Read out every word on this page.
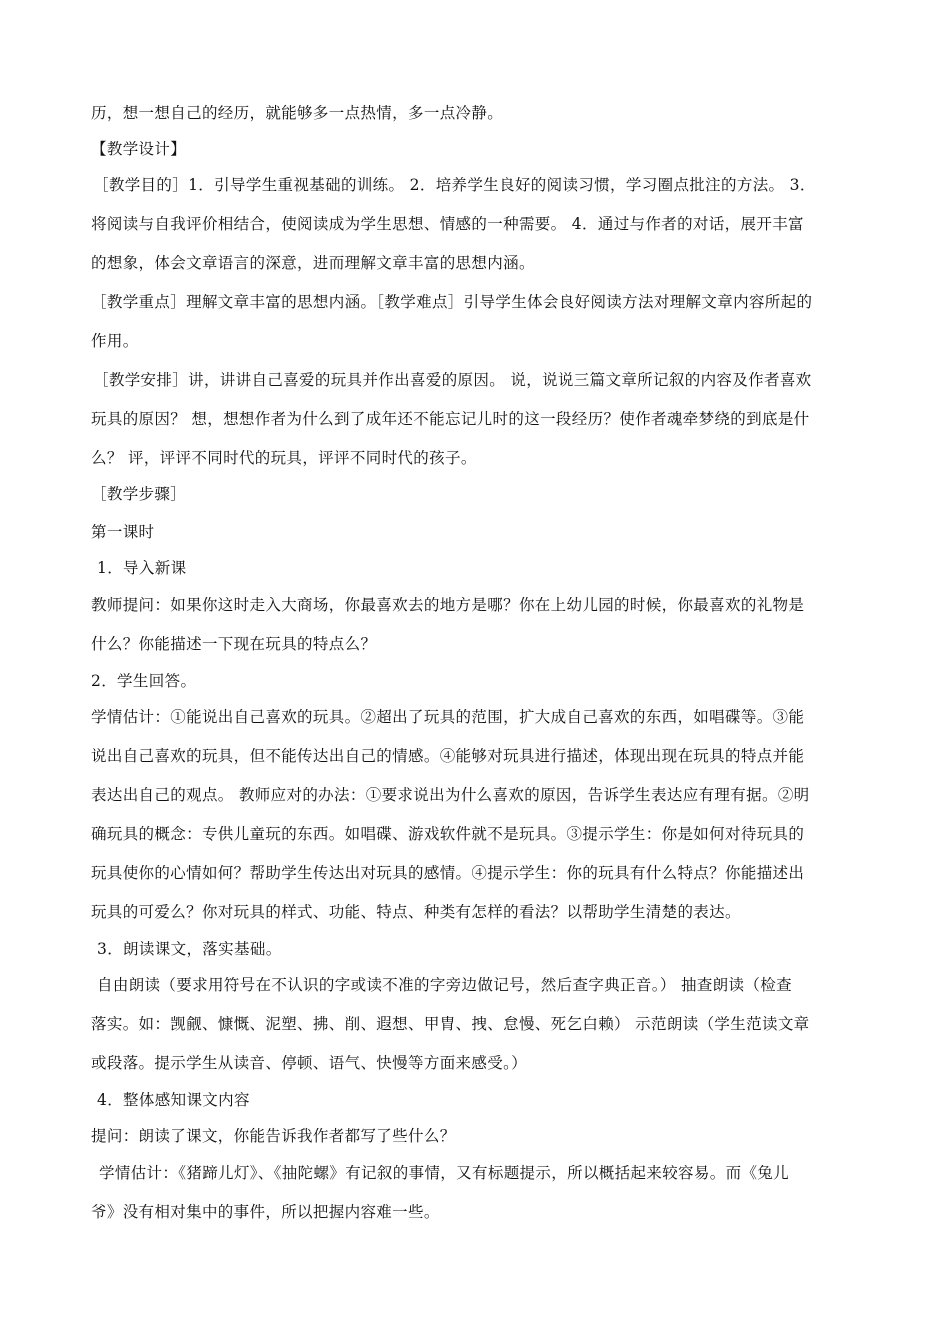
历，想一想自己的经历，就能够多一点热情，多一点冷静。
【教学设计】
［教学目的］1．引导学生重视基础的训练。 2．培养学生良好的阅读习惯，学习圈点批注的方法。 3．
将阅读与自我评价相结合，使阅读成为学生思想、情感的一种需要。 4．通过与作者的对话，展开丰富
的想象，体会文章语言的深意，进而理解文章丰富的思想内涵。
［教学重点］理解文章丰富的思想内涵。［教学难点］引导学生体会良好阅读方法对理解文章内容所起的
作用。
［教学安排］讲，讲讲自己喜爱的玩具并作出喜爱的原因。 说，说说三篇文章所记叙的内容及作者喜欢
玩具的原因？ 想，想想作者为什么到了成年还不能忘记儿时的这一段经历？使作者魂牵梦绕的到底是什
么？ 评，评评不同时代的玩具，评评不同时代的孩子。
［教学步骤］
第一课时
1．导入新课
教师提问：如果你这时走入大商场，你最喜欢去的地方是哪？你在上幼儿园的时候，你最喜欢的礼物是
什么？你能描述一下现在玩具的特点么？
2．学生回答。
学情估计：①能说出自己喜欢的玩具。②超出了玩具的范围，扩大成自己喜欢的东西，如唱碟等。③能
说出自己喜欢的玩具，但不能传达出自己的情感。④能够对玩具进行描述，体现出现在玩具的特点并能
表达出自己的观点。 教师应对的办法：①要求说出为什么喜欢的原因，告诉学生表达应有理有据。②明
确玩具的概念：专供儿童玩的东西。如唱碟、游戏软件就不是玩具。③提示学生：你是如何对待玩具的
玩具使你的心情如何？帮助学生传达出对玩具的感情。④提示学生：你的玩具有什么特点？你能描述出
玩具的可爱么？你对玩具的样式、功能、特点、种类有怎样的看法？以帮助学生清楚的表达。
3．朗读课文，落实基础。
自由朗读（要求用符号在不认识的字或读不准的字旁边做记号，然后查字典正音。） 抽查朗读（检查
落实。如：觊觎、慷慨、泥塑、拂、削、遐想、甲胄、拽、怠慢、死乞白赖） 示范朗读（学生范读文章
或段落。提示学生从读音、停顿、语气、快慢等方面来感受。）
4．整体感知课文内容
提问：朗读了课文，你能告诉我作者都写了些什么？
学情估计：《猪蹄儿灯》、《抽陀螺》有记叙的事情，又有标题提示，所以概括起来较容易。而《兔儿
爷》没有相对集中的事件，所以把握内容难一些。
